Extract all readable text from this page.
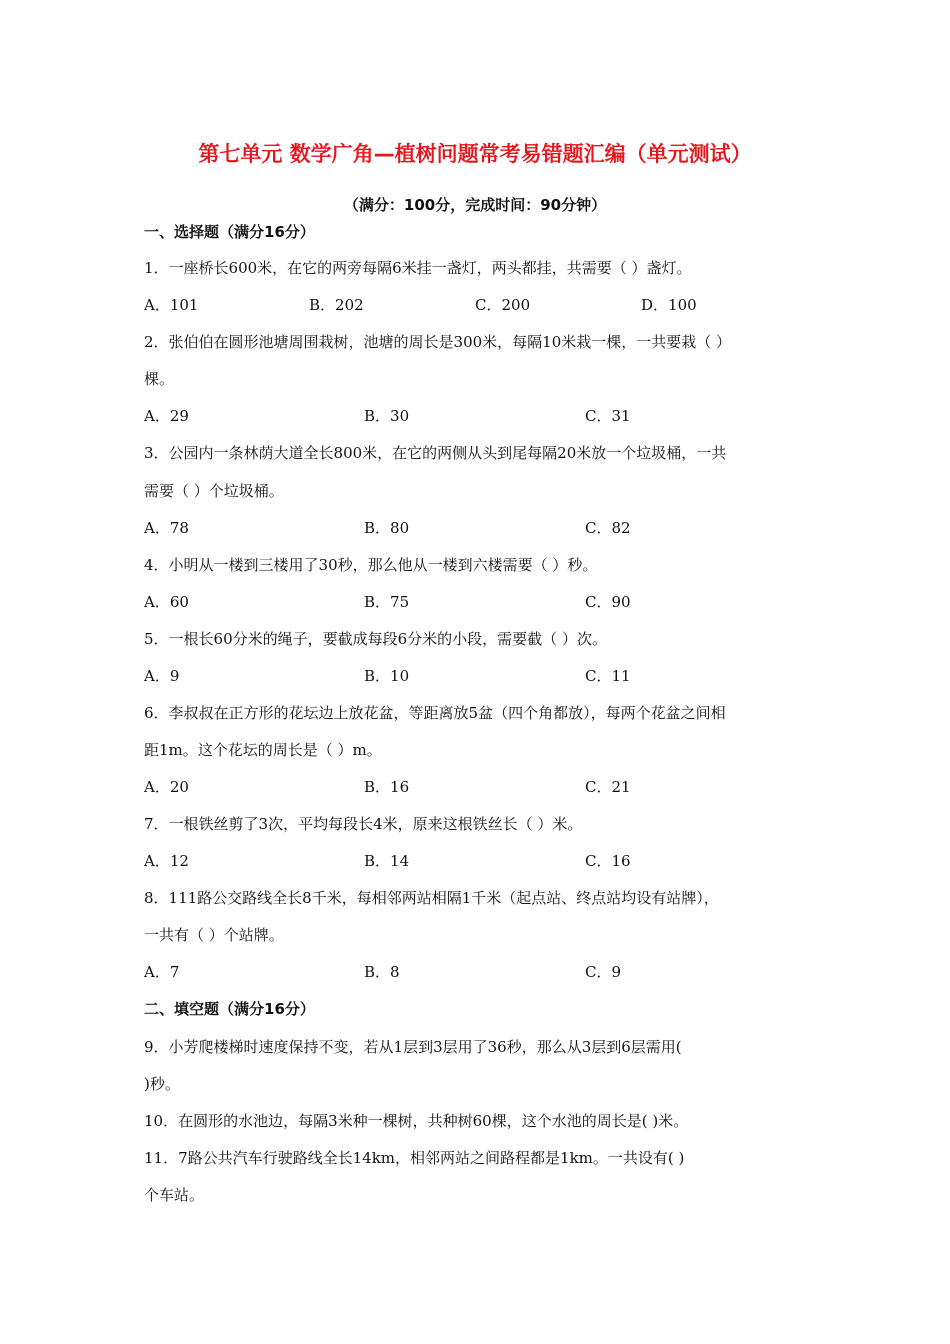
第七单元 数学广角—植树问题常考易错题汇编（单元测试）
（满分：100分，完成时间：90分钟）
一、选择题（满分16分）
1．一座桥长600米，在它的两旁每隔6米挂一盏灯，两头都挂，共需要（ ）盏灯。
A．101	B．202	C．200	D．100
2．张伯伯在圆形池塘周围栽树，池塘的周长是300米，每隔10米栽一棵，一共要栽（ ）
棵。
A．29	B．30	C．31
3．公园内一条林荫大道全长800米，在它的两侧从头到尾每隔20米放一个垃圾桶，一共
需要（ ）个垃圾桶。
A．78	B．80	C．82
4．小明从一楼到三楼用了30秒，那么他从一楼到六楼需要（ ）秒。
A．60	B．75	C．90
5．一根长60分米的绳子，要截成每段6分米的小段，需要截（ ）次。
A．9	B．10	C．11
6．李叔叔在正方形的花坛边上放花盆，等距离放5盆（四个角都放），每两个花盆之间相
距1m。这个花坛的周长是（ ）m。
A．20	B．16	C．21
7．一根铁丝剪了3次，平均每段长4米，原来这根铁丝长（ ）米。
A．12	B．14	C．16
8．111路公交路线全长8千米，每相邻两站相隔1千米（起点站、终点站均设有站牌），
一共有（ ）个站牌。
A．7	B．8	C．9
二、填空题（满分16分）
9．小芳爬楼梯时速度保持不变，若从1层到3层用了36秒，那么从3层到6层需用(
)秒。
10．在圆形的水池边，每隔3米种一棵树，共种树60棵，这个水池的周长是( )米。
11．7路公共汽车行驶路线全长14km，相邻两站之间路程都是1km。一共设有( )
个车站。
